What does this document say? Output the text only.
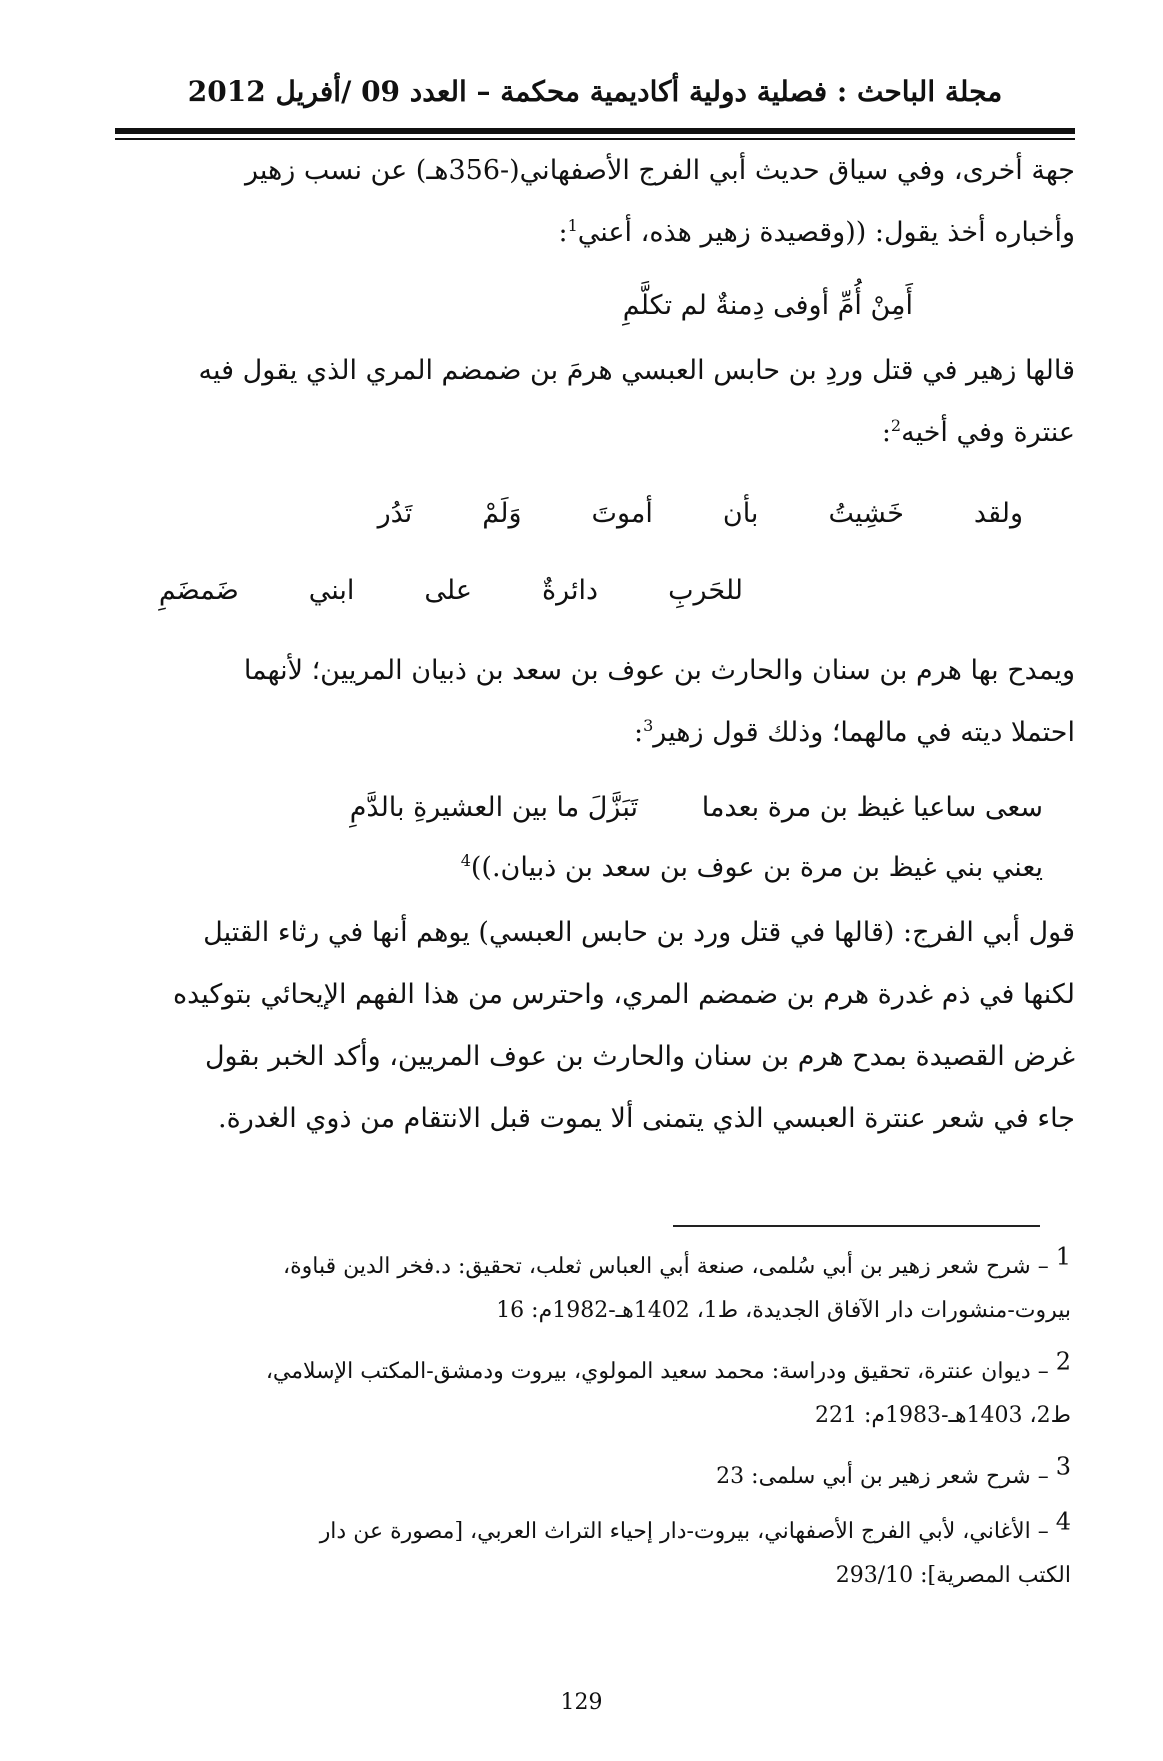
مجلة الباحث : فصلية دولية أكاديمية محكمة – العدد 09 /أفريل 2012

جهة أخرى، وفي سياق حديث أبي الفرج الأصفهاني(-356هـ) عن نسب زهير
وأخباره أخذ يقول: ((وقصيدة زهير هذه، أعني$^1$:

أَمِنْ أُمِّ أوفى دِمنةٌ لم تكلَّمِ

قالها زهير في قتل وردِ بن حابس العبسي هرمَ بن ضمضم المري الذي يقول فيه
عنترة وفي أخيه$^2$:

ولقدخَشِيتُبأنأموتَوَلَمْتَدُر
للحَربِدائرةٌعلىابنيضَمضَمِ

ويمدح بها هرم بن سنان والحارث بن عوف بن سعد بن ذبيان المريين؛ لأنهما
احتملا ديته في مالهما؛ وذلك قول زهير$^3$:

سعى ساعيا غيظ بن مرة بعدما
تَبَزَّلَ ما بين العشيرةِ بالدَّمِ
يعني بني غيظ بن مرة بن عوف بن سعد بن ذبيان.))$^4$

قول أبي الفرج: (قالها في قتل ورد بن حابس العبسي) يوهم أنها في رثاء القتيل
لكنها في ذم غدرة هرم بن ضمضم المري، واحترس من هذا الفهم الإيحائي بتوكيده
غرض القصيدة بمدح هرم بن سنان والحارث بن عوف المريين، وأكد الخبر بقول
جاء في شعر عنترة العبسي الذي يتمنى ألا يموت قبل الانتقام من ذوي الغدرة.

$^1$ – شرح شعر زهير بن أبي سُلمى، صنعة أبي العباس ثعلب، تحقيق: د.فخر الدين قباوة،
بيروت-منشورات دار الآفاق الجديدة، ط1، 1402هـ-1982م: 16
$^2$ – ديوان عنترة، تحقيق ودراسة: محمد سعيد المولوي، بيروت ودمشق-المكتب الإسلامي،
ط2، 1403هـ-1983م: 221
$^3$ – شرح شعر زهير بن أبي سلمى: 23
$^4$ – الأغاني، لأبي الفرج الأصفهاني، بيروت-دار إحياء التراث العربي، [مصورة عن دار
الكتب المصرية]: 293/10
129
